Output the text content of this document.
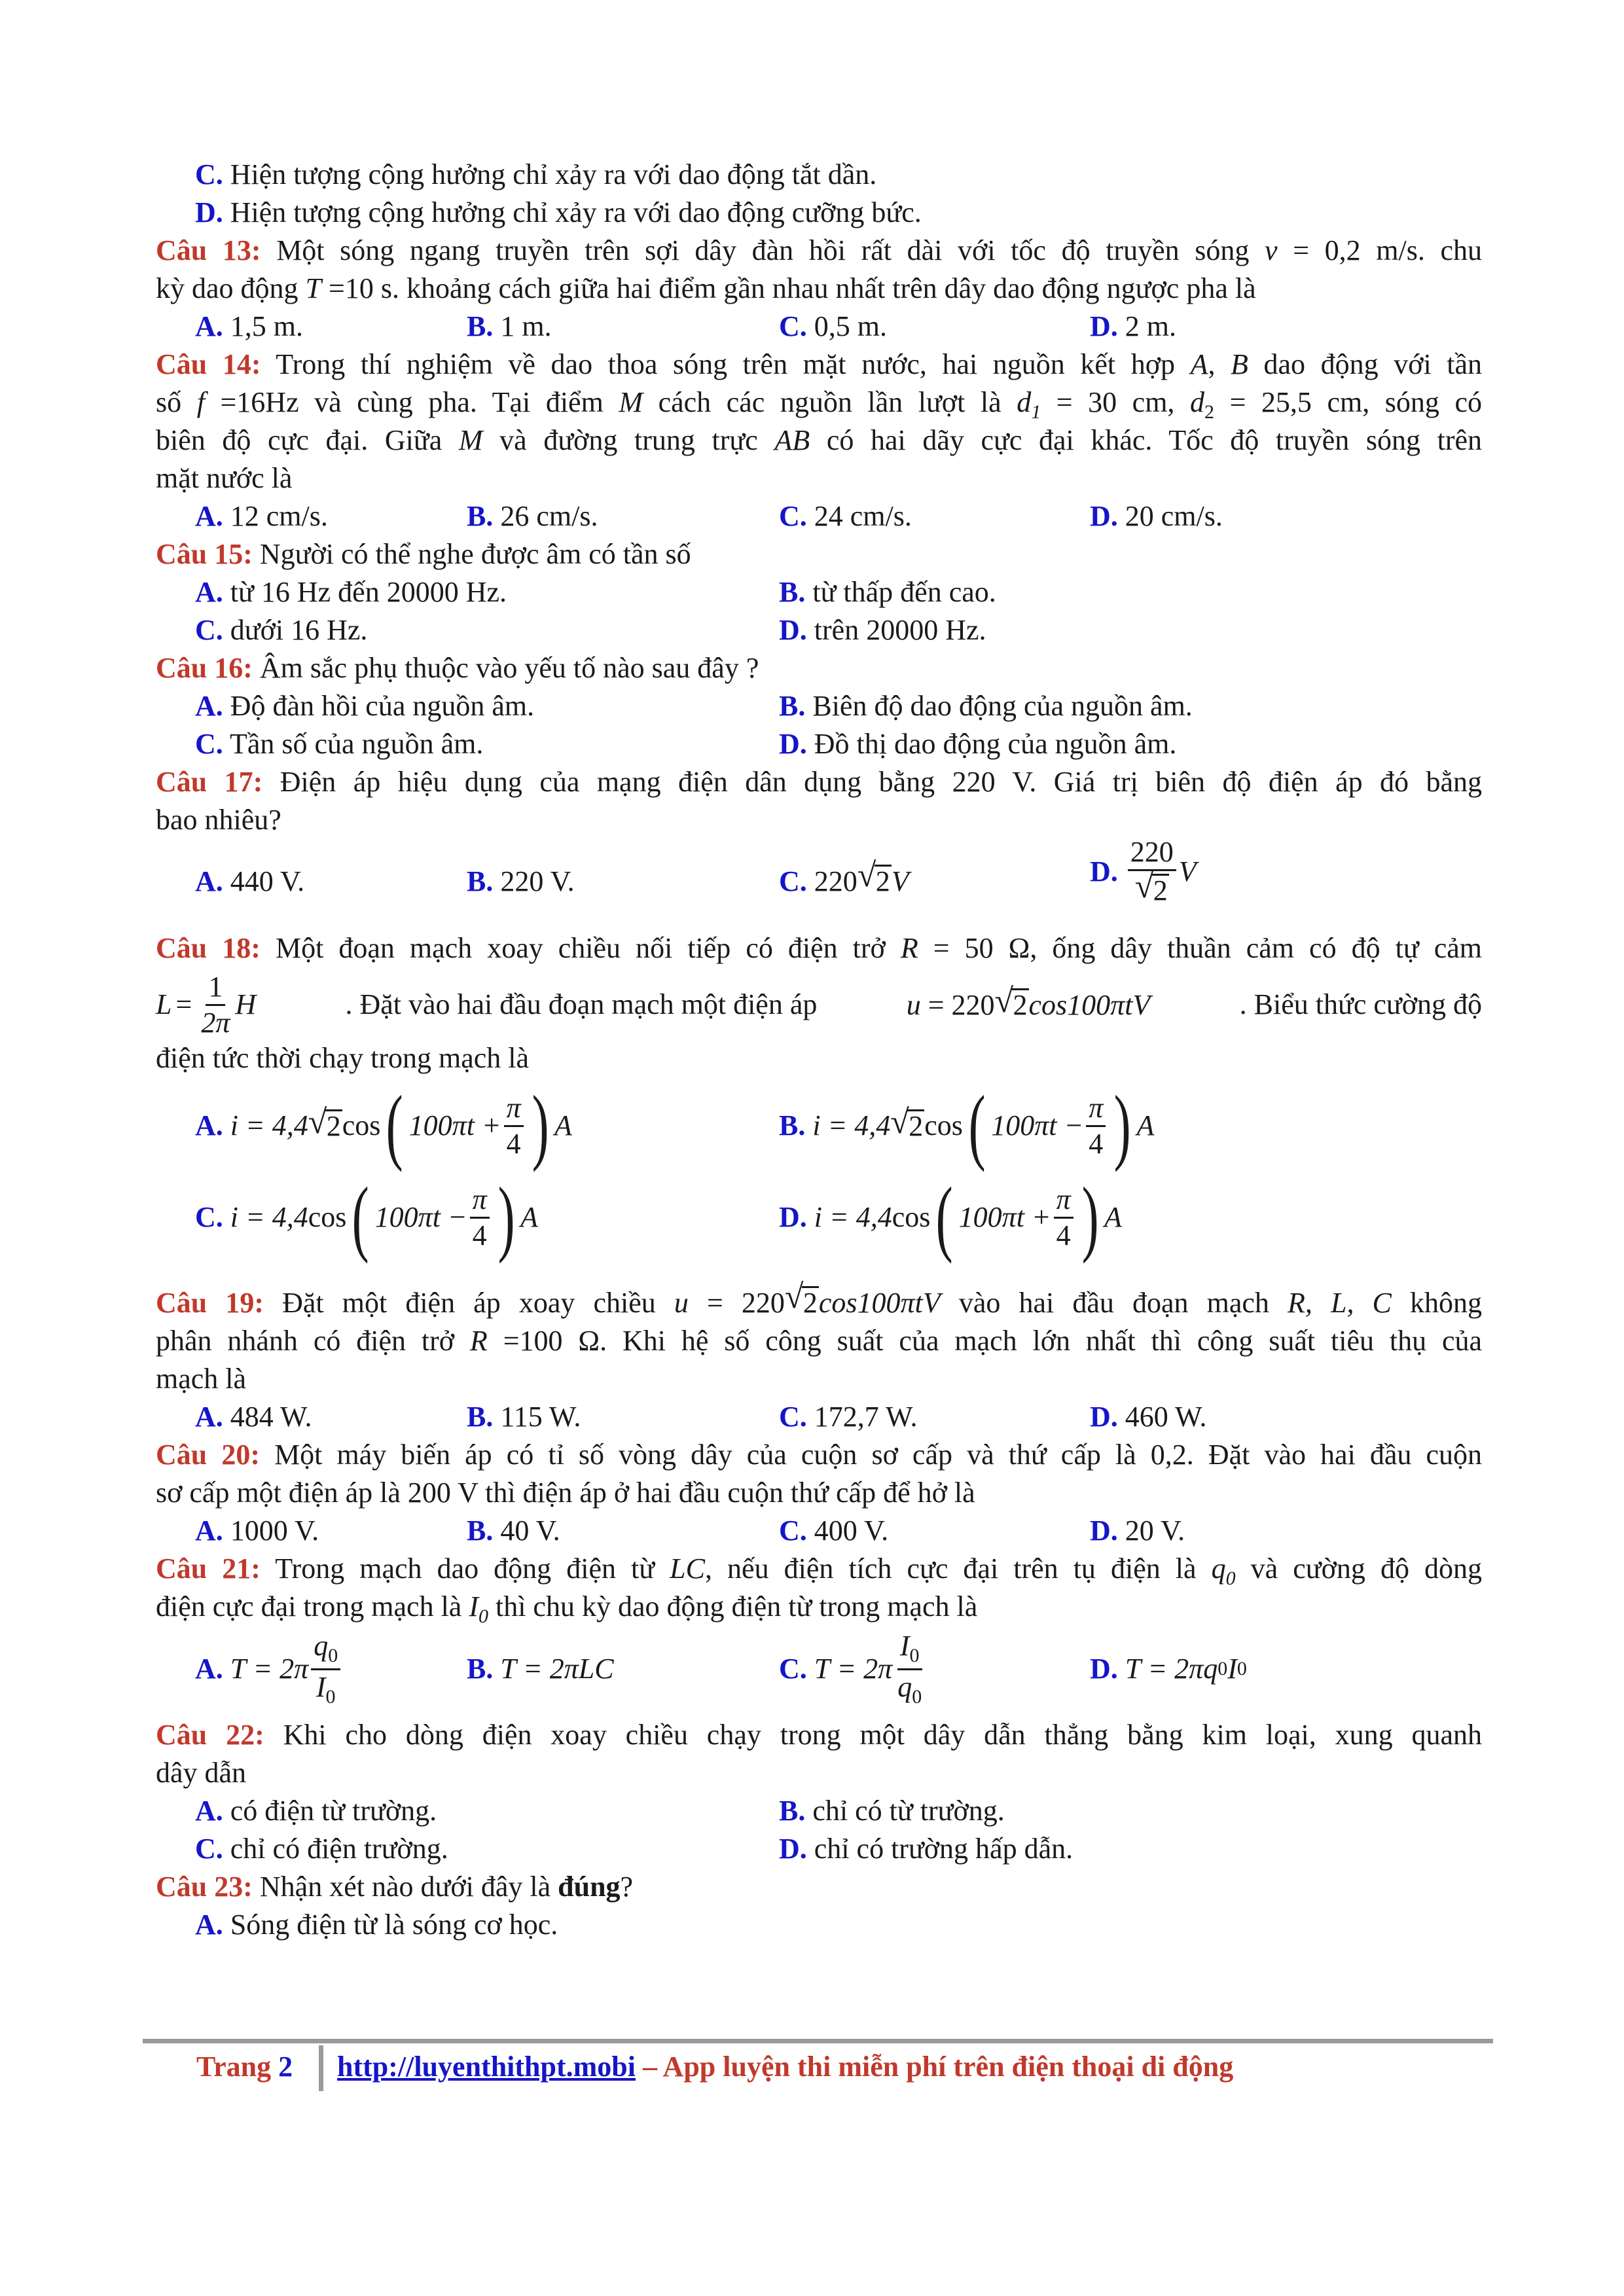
C. Hiện tượng cộng hưởng chỉ xảy ra với dao động tắt dần.
D. Hiện tượng cộng hưởng chỉ xảy ra với dao động cưỡng bức.
Câu 13: Một sóng ngang truyền trên sợi dây đàn hồi rất dài với tốc độ truyền sóng v = 0,2 m/s. chu
kỳ dao động T =10 s. khoảng cách giữa hai điểm gần nhau nhất trên dây dao động ngược pha là
A. 1,5 m.	B. 1 m.	C. 0,5 m.	D. 2 m.
Câu 14: Trong thí nghiệm về dao thoa sóng trên mặt nước, hai nguồn kết hợp A, B dao động với tần
số f =16Hz và cùng pha. Tại điểm M cách các nguồn lần lượt là $d_1 = 30$ cm, $d_2 = 25,5$ cm, sóng có
biên độ cực đại. Giữa M và đường trung trực AB có hai dãy cực đại khác. Tốc độ truyền sóng trên
mặt nước là
A. 12 cm/s.	B. 26 cm/s.	C. 24 cm/s.	D. 20 cm/s.
Câu 15: Người có thể nghe được âm có tần số
A. từ 16 Hz đến 20000 Hz.	B. từ thấp đến cao.
C. dưới 16 Hz.	D. trên 20000 Hz.
Câu 16: Âm sắc phụ thuộc vào yếu tố nào sau đây ?
A. Độ đàn hồi của nguồn âm.	B. Biên độ dao động của nguồn âm.
C. Tần số của nguồn âm.	D. Đồ thị dao động của nguồn âm.
Câu 17: Điện áp hiệu dụng của mạng điện dân dụng bằng 220 V. Giá trị biên độ điện áp đó bằng
bao nhiêu?
A. 440 V.	B. 220 V.	C. 220 √ 2V	D. $\frac{220}{√ 2}$ V
Câu 18: Một đoạn mạch xoay chiều nối tiếp có điện trở R = 50 Ω, ống dây thuần cảm có độ tự cảm
$L = \frac{1}{2\pi}$ H	. Đặt vào hai đầu đoạn mạch một điện áp	u = 220 √ 2cos100πtV	. Biểu thức cường độ
điện tức thời chạy trong mạch là
A.
i = 4,4 √ 2 cos ( $100\pi t + \frac{\pi}{4}$ ) A	B.
i = 4,4 √ 2 cos ( $100\pi t - \frac{\pi}{4}$ ) A
C.
i = 4,4 cos ( $100\pi t - \frac{\pi}{4}$ ) A	D.
i = 4,4 cos ( $100\pi t + \frac{\pi}{4}$ ) A
Câu 19: Đặt một điện áp xoay chiều u = 220 √ 2cos100πtV vào hai đầu đoạn mạch R, L, C không
phân nhánh có điện trở R =100 Ω. Khi hệ số công suất của mạch lớn nhất thì công suất tiêu thụ của
mạch là
A. 484 W.	B. 115 W.	C. 172,7 W.	D. 460 W.
Câu 20: Một máy biến áp có tỉ số vòng dây của cuộn sơ cấp và thứ cấp là 0,2. Đặt vào hai đầu cuộn
sơ cấp một điện áp là 200 V thì điện áp ở hai đầu cuộn thứ cấp để hở là
A. 1000 V.	B. 40 V.	C. 400 V.	D. 20 V.
Câu 21: Trong mạch dao động điện từ LC, nếu điện tích cực đại trên tụ điện là $q_0$ và cường độ dòng
điện cực đại trong mạch là $I_0$ thì chu kỳ dao động điện từ trong mạch là
A.
$T = 2\pi \frac{q_0}{I_0}$	B.
T = 2πLC	C.
$T = 2\pi \frac{I_0}{q_0}$	D.
T = 2πq 0 I 0
Câu 22: Khi cho dòng điện xoay chiều chạy trong một dây dẫn thẳng bằng kim loại, xung quanh
dây dẫn
A. có điện từ trường.	B. chỉ có từ trường.
C. chỉ có điện trường.	D. chỉ có trường hấp dẫn.
Câu 23: Nhận xét nào dưới đây là đúng?
A. Sóng điện từ là sóng cơ học.
Trang 2 http://luyenthithpt.mobi – App luyện thi miễn phí trên điện thoại di động
